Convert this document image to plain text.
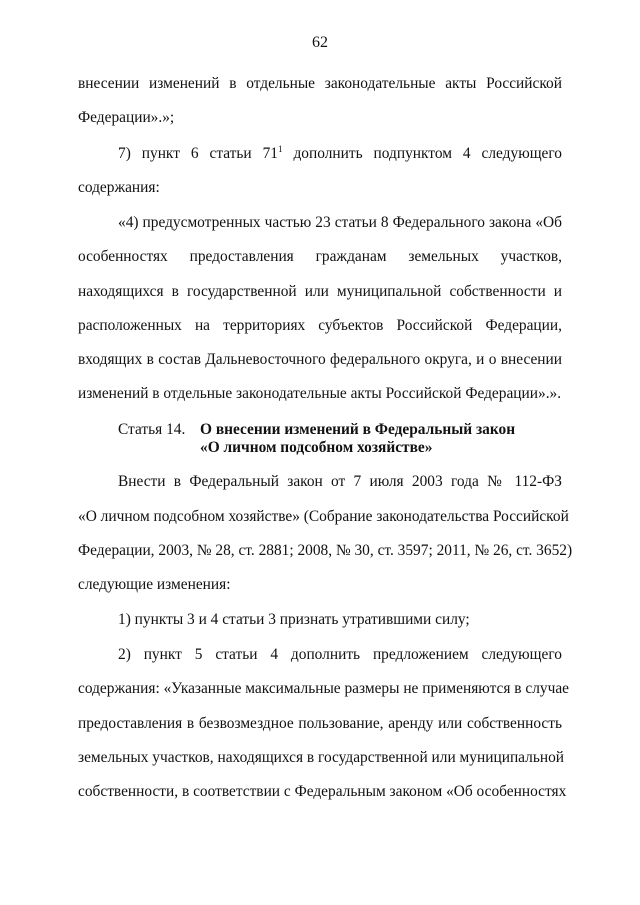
62
внесении изменений в отдельные законодательные акты Российской
Федерации».»;
7) пункт 6 статьи $71^1$ дополнить подпунктом 4 следующего
содержания:
«4) предусмотренных частью 23 статьи 8 Федерального закона «Об
особенностях предоставления гражданам земельных участков,
находящихся в государственной или муниципальной собственности и
расположенных на территориях субъектов Российской Федерации,
входящих в состав Дальневосточного федерального округа, и о внесении
изменений в отдельные законодательные акты Российской Федерации».».
Статья 14. О внесении изменений в Федеральный закон
«О личном подсобном хозяйстве»
Внести в Федеральный закон от 7 июля 2003 года № 112-ФЗ
«О личном подсобном хозяйстве» (Собрание законодательства Российской
Федерации, 2003, № 28, ст. 2881; 2008, № 30, ст. 3597; 2011, № 26, ст. 3652)
следующие изменения:
1) пункты 3 и 4 статьи 3 признать утратившими силу;
2) пункт 5 статьи 4 дополнить предложением следующего
содержания: «Указанные максимальные размеры не применяются в случае
предоставления в безвозмездное пользование, аренду или собственность
земельных участков, находящихся в государственной или муниципальной
собственности, в соответствии с Федеральным законом «Об особенностях
